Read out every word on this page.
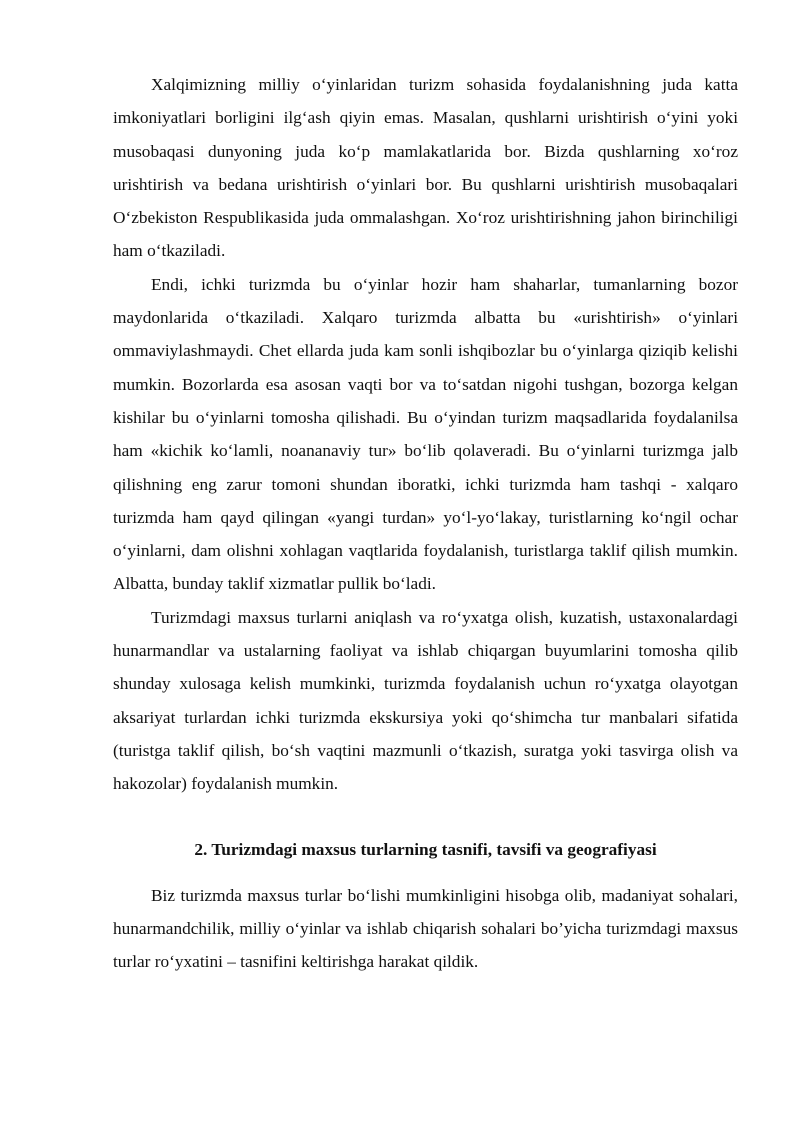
Xalqimizning milliy o‘yinlaridan turizm sohasida foydalanishning juda katta imkoniyatlari borligini ilg‘ash qiyin emas. Masalan, qushlarni urishtirish o‘yini yoki musobaqasi dunyoning juda ko‘p mamlakatlarida bor. Bizda qushlarning xo‘roz urishtirish va bedana urishtirish o‘yinlari bor. Bu qushlarni urishtirish musobaqalari O‘zbekiston Respublikasida juda ommalashgan. Xo‘roz urishtirishning jahon birinchiligi ham o‘tkaziladi.

Endi, ichki turizmda bu o‘yinlar hozir ham shaharlar, tumanlarning bozor maydonlarida o‘tkaziladi. Xalqaro turizmda albatta bu «urishtirish» o‘yinlari ommaviylashmaydi. Chet ellarda juda kam sonli ishqibozlar bu o‘yinlarga qiziqib kelishi mumkin. Bozorlarda esa asosan vaqti bor va to‘satdan nigohi tushgan, bozorga kelgan kishilar bu o‘yinlarni tomosha qilishadi. Bu o‘yindan turizm maqsadlarida foydalanilsa ham «kichik ko‘lamli, noananaviy tur» bo‘lib qolaveradi. Bu o‘yinlarni turizmga jalb qilishning eng zarur tomoni shundan iboratki, ichki turizmda ham tashqi - xalqaro turizmda ham qayd qilingan «yangi turdan» yo‘l-yo‘lakay, turistlarning ko‘ngil ochar o‘yinlarni, dam olishni xohlagan vaqtlarida foydalanish, turistlarga taklif qilish mumkin. Albatta, bunday taklif xizmatlar pullik bo‘ladi.

Turizmdagi maxsus turlarni aniqlash va ro‘yxatga olish, kuzatish, ustaxonalardagi hunarmandlar va ustalarning faoliyat va ishlab chiqargan buyumlarini tomosha qilib shunday xulosaga kelish mumkinki, turizmda foydalanish uchun ro‘yxatga olayotgan aksariyat turlardan ichki turizmda ekskursiya yoki qo‘shimcha tur manbalari sifatida (turistga taklif qilish, bo‘sh vaqtini mazmunli o‘tkazish, suratga yoki tasvirga olish va hakozolar) foydalanish mumkin.

2. Turizmdagi maxsus turlarning tasnifi, tavsifi va geografiyasi

Biz turizmda maxsus turlar bo‘lishi mumkinligini hisobga olib, madaniyat sohalari, hunarmandchilik, milliy o‘yinlar va ishlab chiqarish sohalari bo’yicha turizmdagi maxsus turlar ro‘yxatini – tasnifini keltirishga harakat qildik.
